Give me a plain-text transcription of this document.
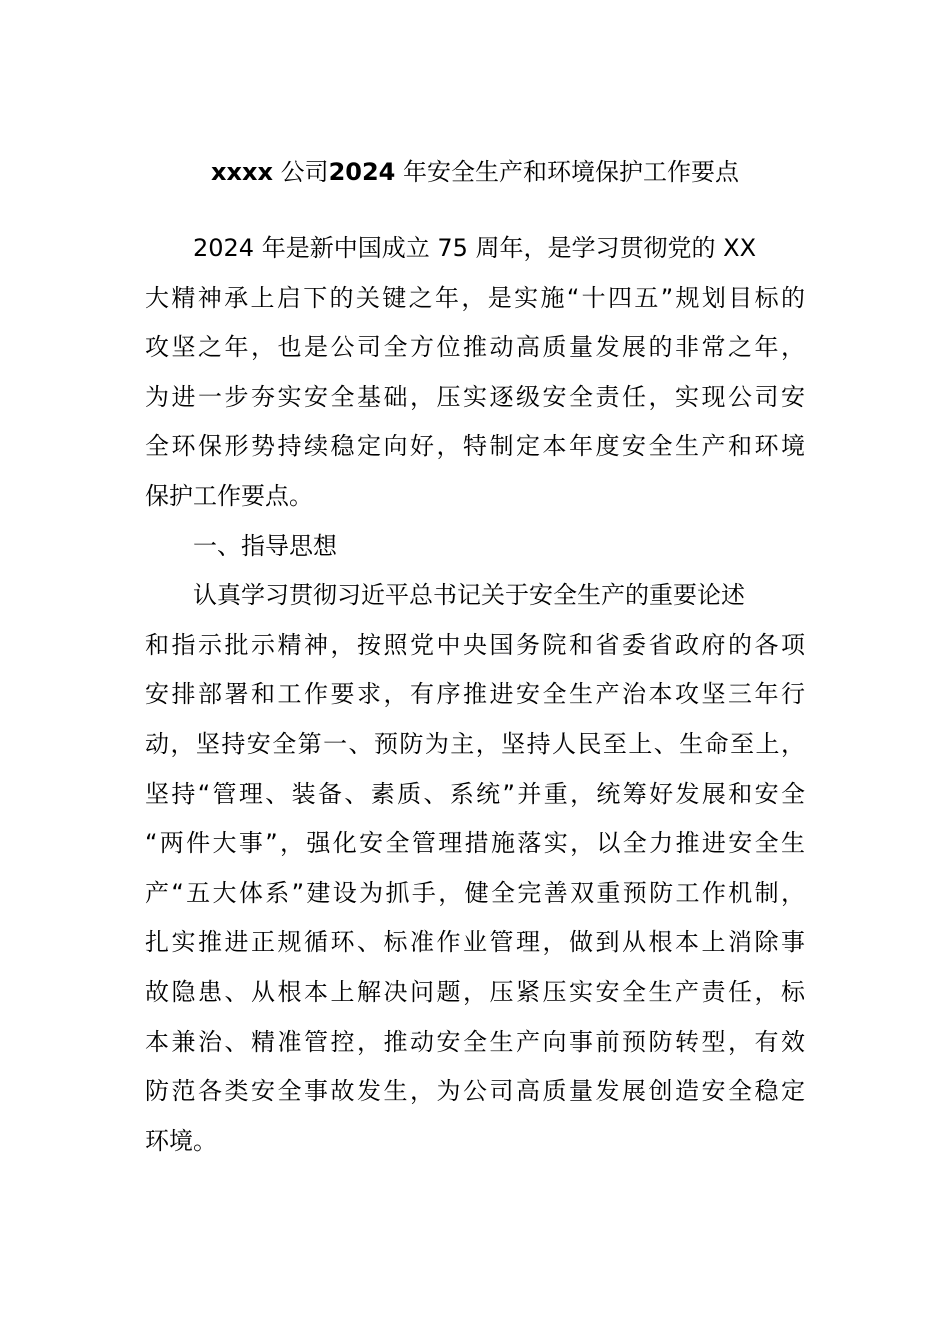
xxxx 公司2024 年安全生产和环境保护工作要点
2024 年是新中国成立 75 周年，是学习贯彻党的 XX
大精神承上启下的关键之年，是实施“十四五”规划目标的
攻坚之年，也是公司全方位推动高质量发展的非常之年，
为进一步夯实安全基础，压实逐级安全责任，实现公司安
全环保形势持续稳定向好，特制定本年度安全生产和环境
保护工作要点。
一、指导思想
认真学习贯彻习近平总书记关于安全生产的重要论述
和指示批示精神，按照党中央国务院和省委省政府的各项
安排部署和工作要求，有序推进安全生产治本攻坚三年行
动，坚持安全第一、预防为主，坚持人民至上、生命至上，
坚持“管理、装备、素质、系统”并重，统筹好发展和安全
“两件大事”，强化安全管理措施落实，以全力推进安全生
产“五大体系”建设为抓手，健全完善双重预防工作机制，
扎实推进正规循环、标准作业管理，做到从根本上消除事
故隐患、从根本上解决问题，压紧压实安全生产责任，标
本兼治、精准管控，推动安全生产向事前预防转型，有效
防范各类安全事故发生，为公司高质量发展创造安全稳定
环境。
